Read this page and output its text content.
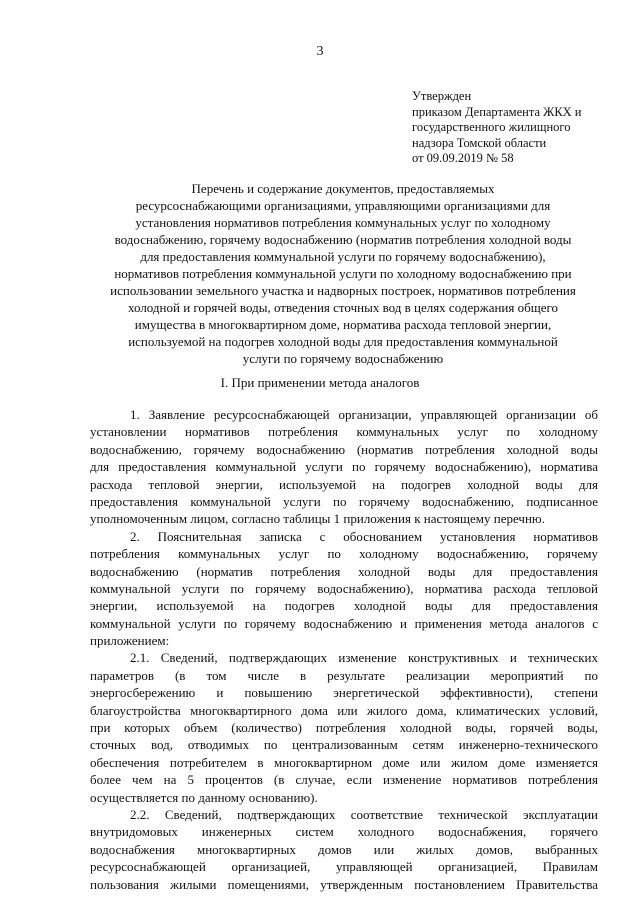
3
Утвержден
приказом Департамента ЖКХ и
государственного жилищного
надзора Томской области
от 09.09.2019 № 58
Перечень и содержание документов, предоставляемых
ресурсоснабжающими организациями, управляющими организациями для
установления нормативов потребления коммунальных услуг по холодному
водоснабжению, горячему водоснабжению (норматив потребления холодной воды
для предоставления коммунальной услуги по горячему водоснабжению),
нормативов потребления коммунальной услуги по холодному водоснабжению при
использовании земельного участка и надворных построек, нормативов потребления
холодной и горячей воды, отведения сточных вод в целях содержания общего
имущества в многоквартирном доме, норматива расхода тепловой энергии,
используемой на подогрев холодной воды для предоставления коммунальной
услуги по горячему водоснабжению
I. При применении метода аналогов
1. Заявление ресурсоснабжающей организации, управляющей организации об
установлении нормативов потребления коммунальных услуг по холодному
водоснабжению, горячему водоснабжению (норматив потребления холодной воды
для предоставления коммунальной услуги по горячему водоснабжению), норматива
расхода тепловой энергии, используемой на подогрев холодной воды для
предоставления коммунальной услуги по горячему водоснабжению, подписанное
уполномоченным лицом, согласно таблицы 1 приложения к настоящему перечню.
2. Пояснительная записка с обоснованием установления нормативов
потребления коммунальных услуг по холодному водоснабжению, горячему
водоснабжению (норматив потребления холодной воды для предоставления
коммунальной услуги по горячему водоснабжению), норматива расхода тепловой
энергии, используемой на подогрев холодной воды для предоставления
коммунальной услуги по горячему водоснабжению и применения метода аналогов с
приложением:
2.1. Сведений, подтверждающих изменение конструктивных и технических
параметров (в том числе в результате реализации мероприятий по
энергосбережению и повышению энергетической эффективности), степени
благоустройства многоквартирного дома или жилого дома, климатических условий,
при которых объем (количество) потребления холодной воды, горячей воды,
сточных вод, отводимых по централизованным сетям инженерно-технического
обеспечения потребителем в многоквартирном доме или жилом доме изменяется
более чем на 5 процентов (в случае, если изменение нормативов потребления
осуществляется по данному основанию).
2.2. Сведений, подтверждающих соответствие технической эксплуатации
внутридомовых инженерных систем холодного водоснабжения, горячего
водоснабжения многоквартирных домов или жилых домов, выбранных
ресурсоснабжающей организацией, управляющей организацией, Правилам
пользования жилыми помещениями, утвержденным постановлением Правительства
